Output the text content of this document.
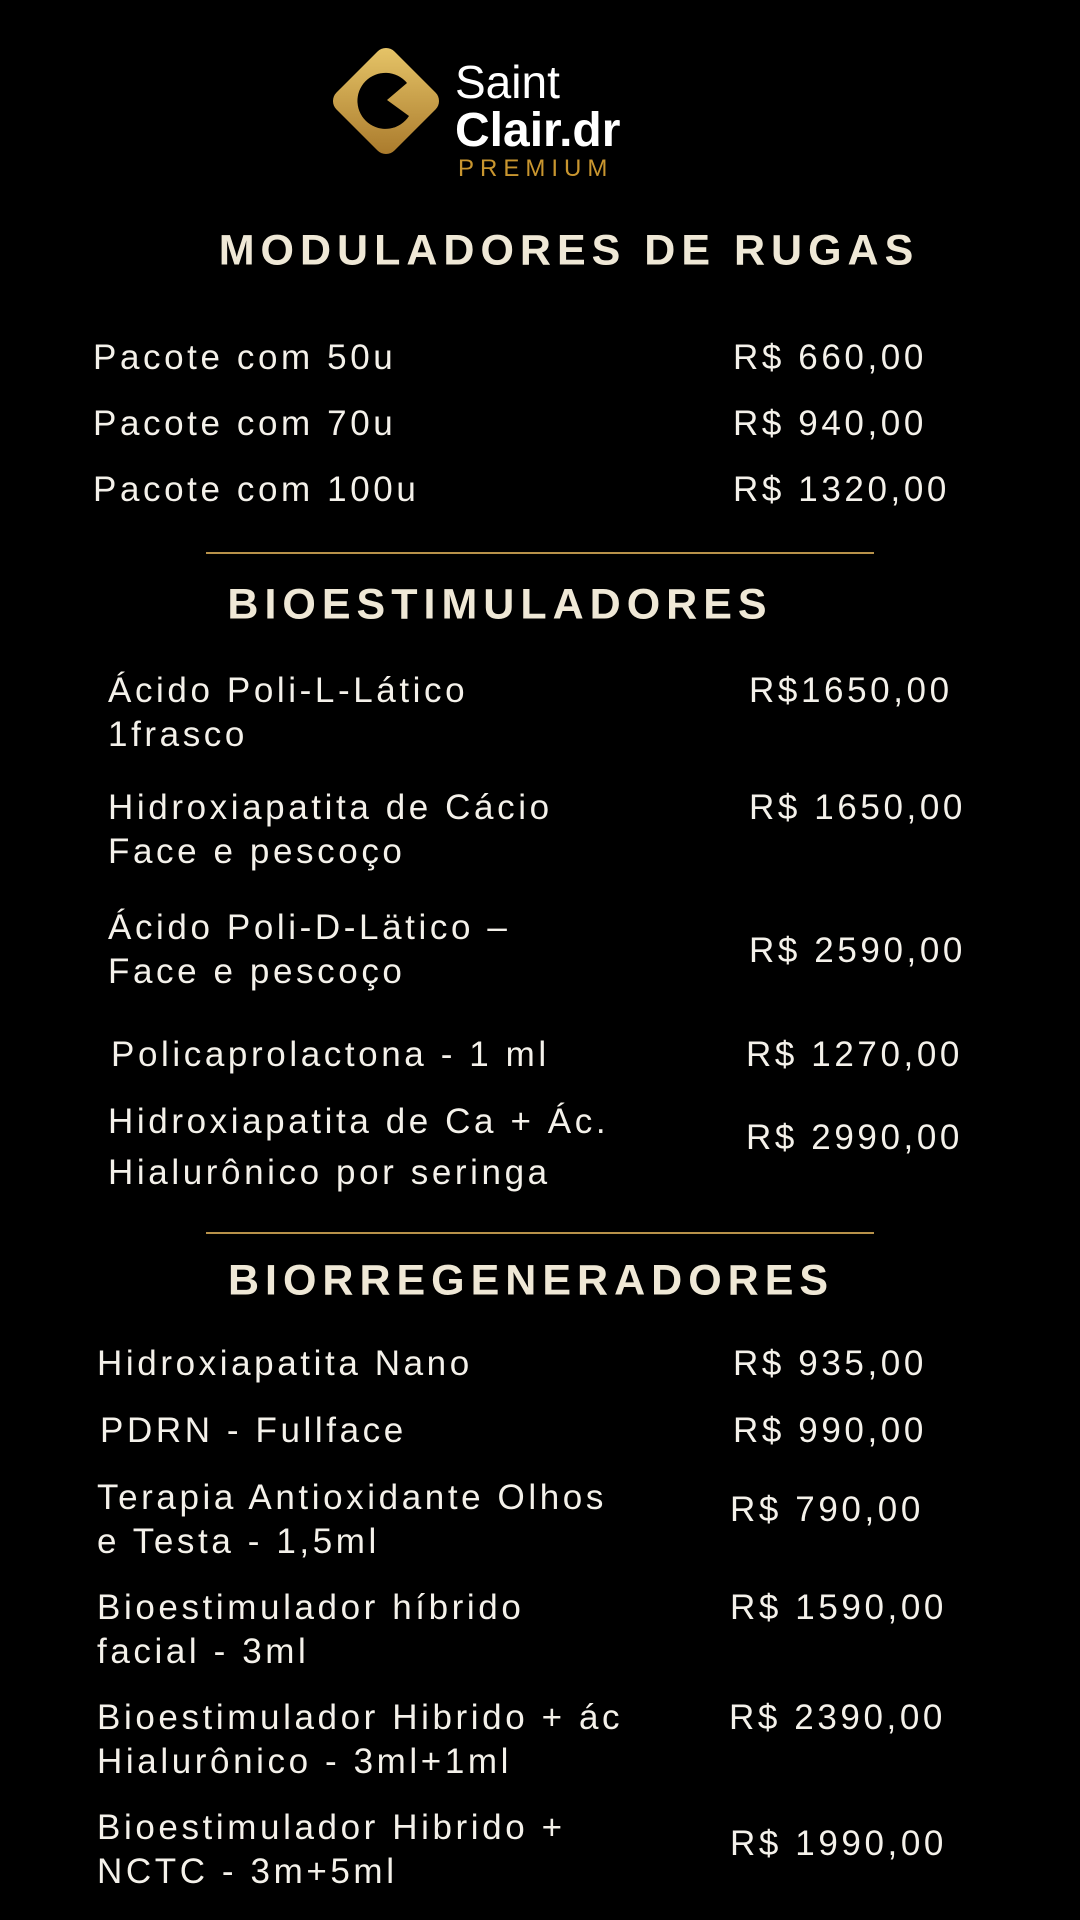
Saint
Clair.dr
PREMIUM
MODULADORES DE RUGAS
Pacote com 50u	R$ 660,00
Pacote com 70u	R$ 940,00
Pacote com 100u	R$ 1320,00
BIOESTIMULADORES
Ácido Poli-L-Lático
1frasco
R$1650,00
Hidroxiapatita de Cácio
Face e pescoço
R$ 1650,00
Ácido Poli-D-Lätico –
Face e pescoço
R$ 2590,00
Policaprolactona - 1 ml	R$ 1270,00
Hidroxiapatita de Ca + Ác.
Hialurônico por seringa
R$ 2990,00
BIORREGENERADORES
Hidroxiapatita Nano	R$ 935,00
PDRN - Fullface	R$ 990,00
Terapia Antioxidante Olhos
e Testa - 1,5ml
R$ 790,00
Bioestimulador híbrido
facial - 3ml
R$ 1590,00
Bioestimulador Hibrido + ác
Hialurônico - 3ml+1ml
R$ 2390,00
Bioestimulador Hibrido +
NCTC - 3m+5ml
R$ 1990,00
